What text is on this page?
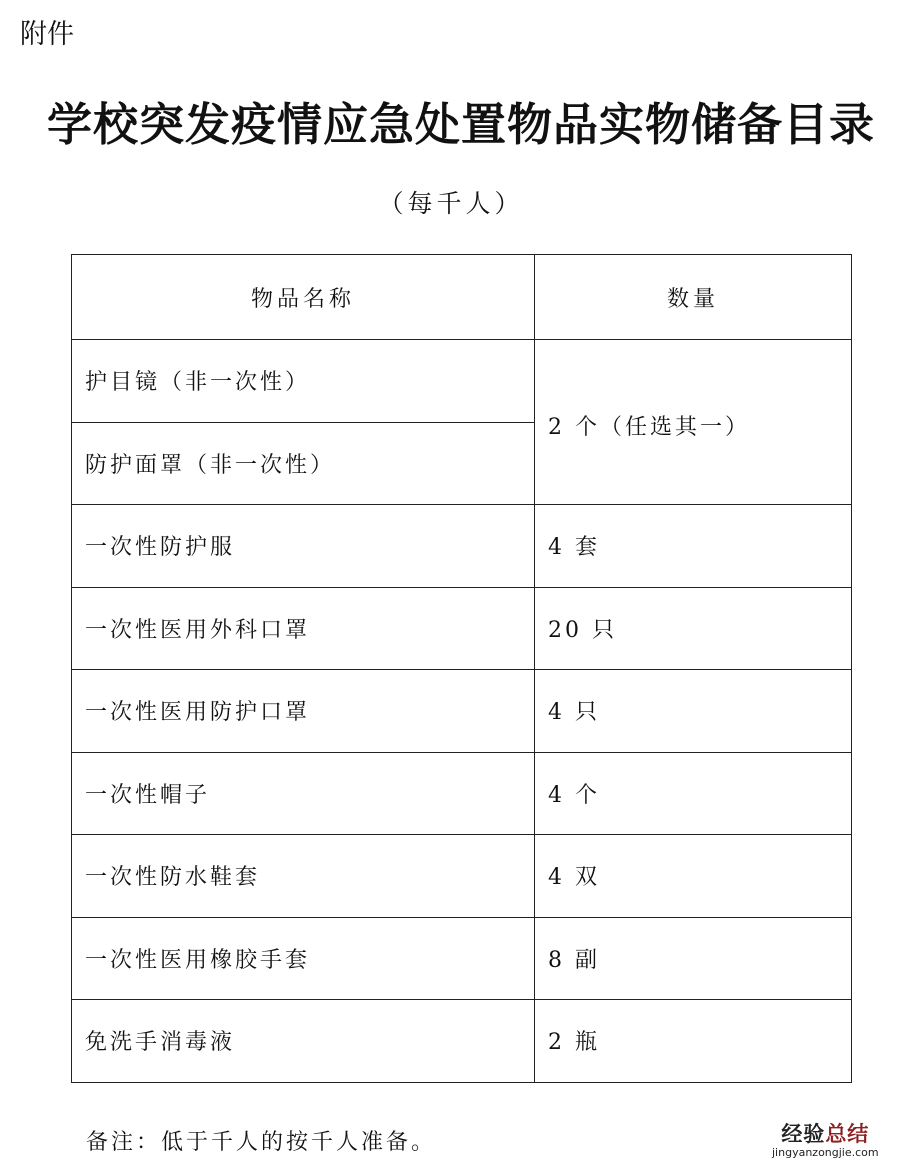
附件
学校突发疫情应急处置物品实物储备目录
（每千人）
物品名称	数量
护目镜（非一次性）	2 个（任选其一）
防护面罩（非一次性）	
一次性防护服	4 套
一次性医用外科口罩	20 只
一次性医用防护口罩	4 只
一次性帽子	4 个
一次性防水鞋套	4 双
一次性医用橡胶手套	8 副
免洗手消毒液	2 瓶
备注：低于千人的按千人准备。	经验总结
jingyanzongjie.com
